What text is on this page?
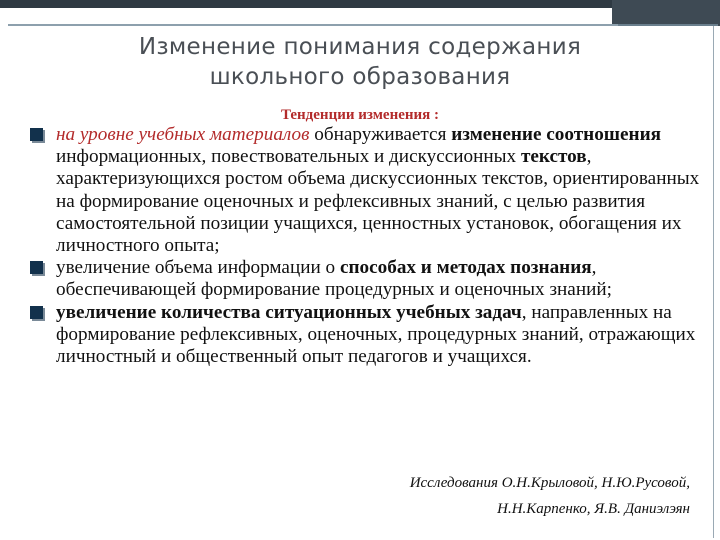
Изменение понимания содержания
школьного образования
Тенденции изменения :
на уровне учебных материалов обнаруживается изменение соотношения информационных, повествовательных и дискуссионных текстов, характеризующихся ростом объема дискуссионных текстов, ориентированных на формирование оценочных и рефлексивных знаний, с целью развития самостоятельной позиции учащихся, ценностных установок, обогащения их личностного опыта;
увеличение объема информации о способах и методах познания, обеспечивающей формирование процедурных и оценочных знаний;
увеличение количества ситуационных учебных задач, направленных на формирование рефлексивных, оценочных, процедурных знаний, отражающих личностный и общественный опыт педагогов и учащихся.
Исследования О.Н.Крыловой, Н.Ю.Русовой,
Н.Н.Карпенко, Я.В. Даниэлэян
